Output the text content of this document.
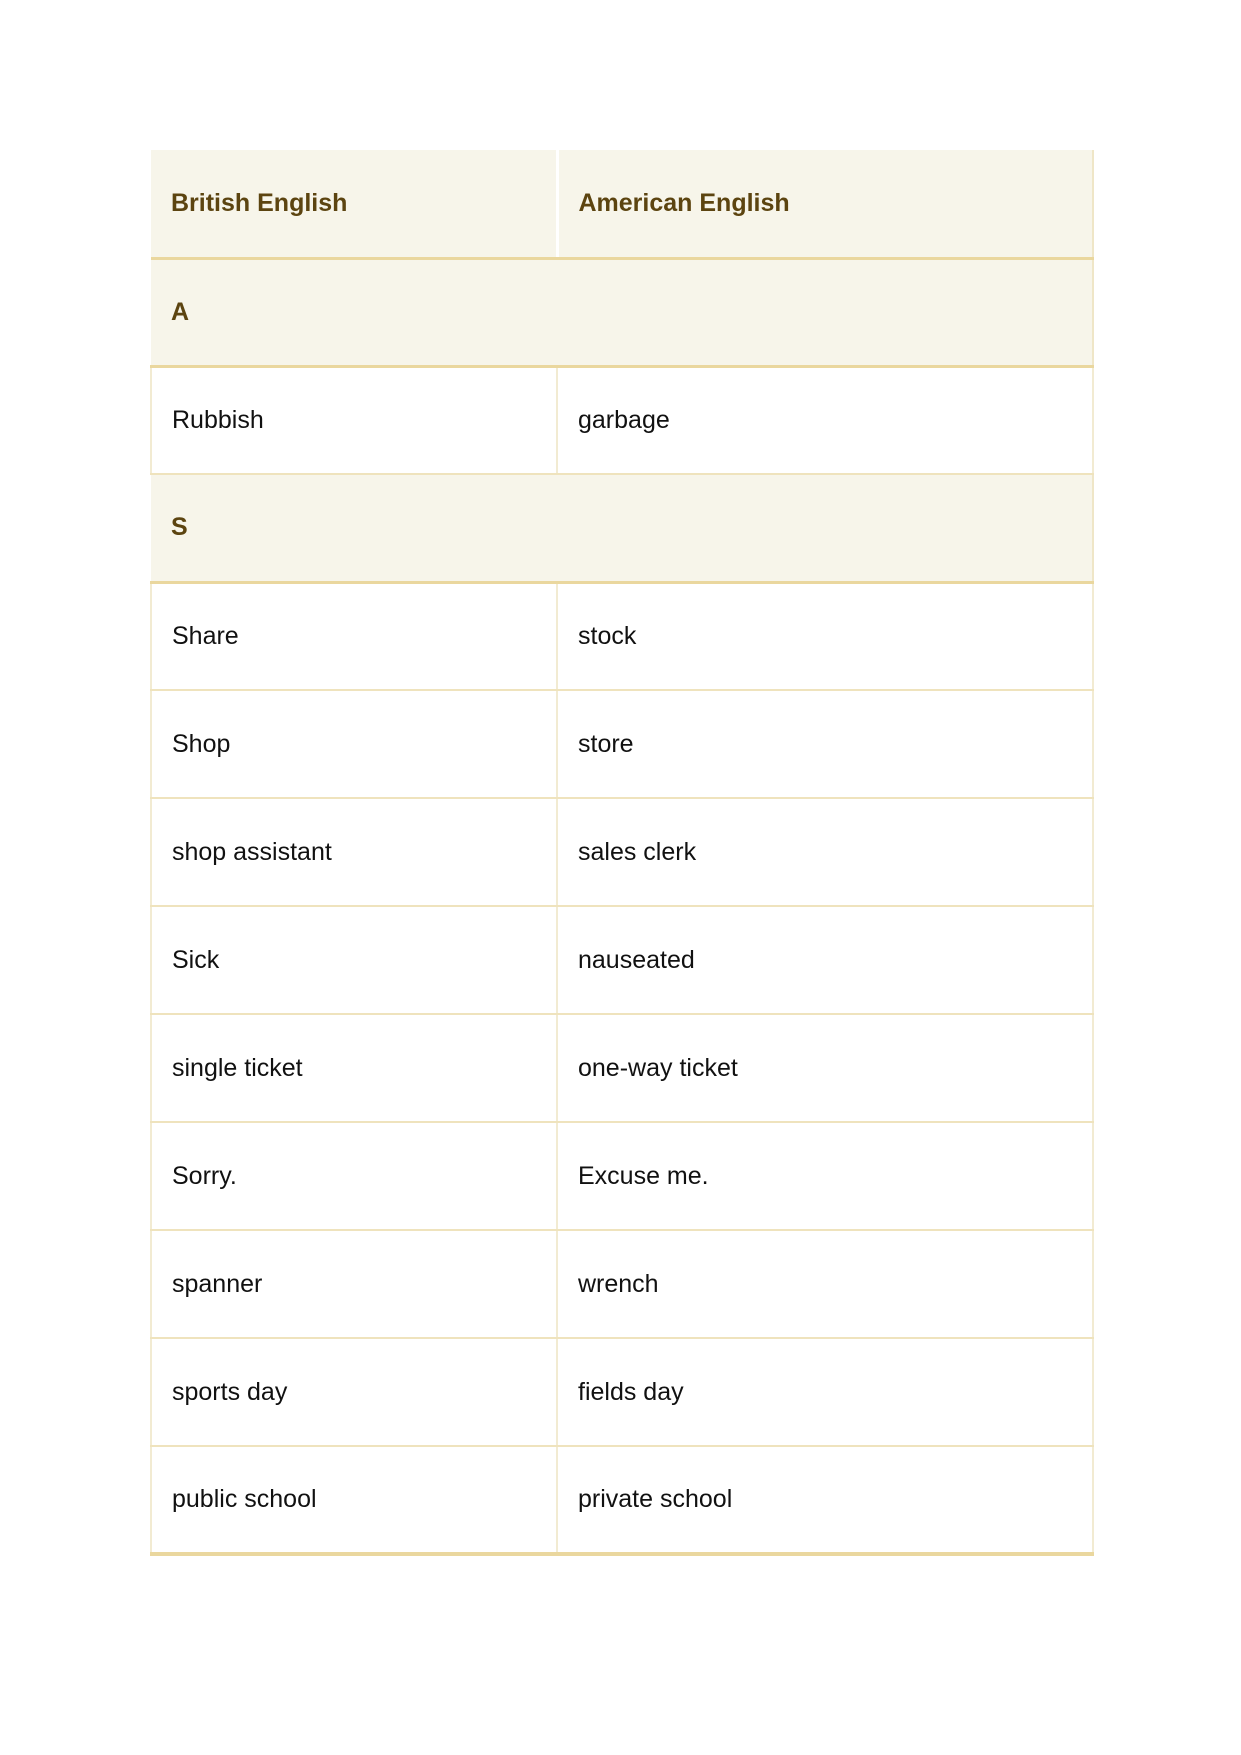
British English	American English
A	
Rubbish	garbage
S	
Share	stock
Shop	store
shop assistant	sales clerk
Sick	nauseated
single ticket	one-way ticket
Sorry.	Excuse me.
spanner	wrench
sports day	fields day
public school	private school
